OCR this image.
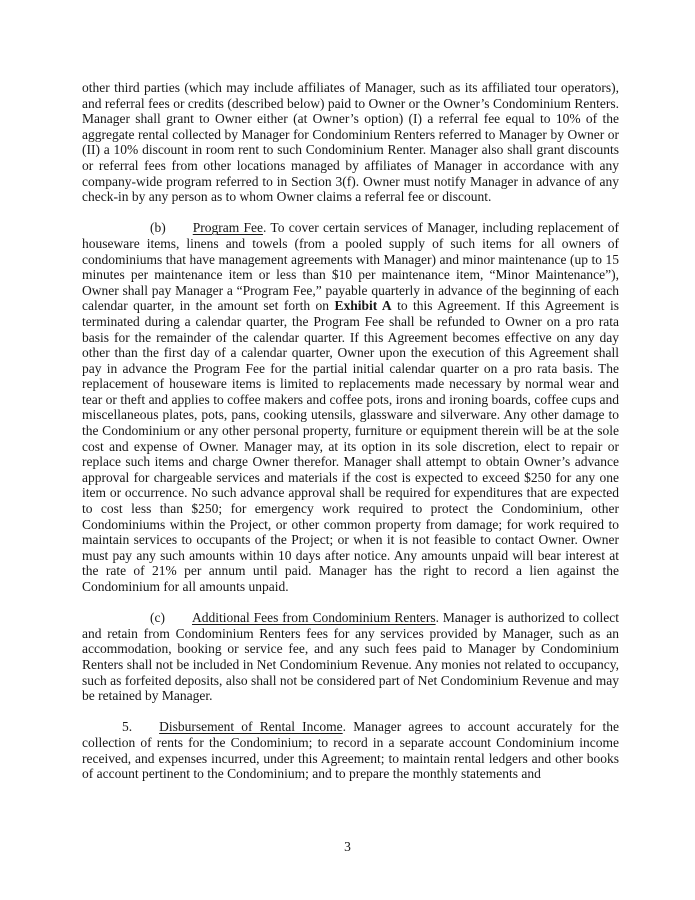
other third parties (which may include affiliates of Manager, such as its affiliated tour operators), and referral fees or credits (described below) paid to Owner or the Owner’s Condominium Renters. Manager shall grant to Owner either (at Owner’s option) (I) a referral fee equal to 10% of the aggregate rental collected by Manager for Condominium Renters referred to Manager by Owner or (II) a 10% discount in room rent to such Condominium Renter. Manager also shall grant discounts or referral fees from other locations managed by affiliates of Manager in accordance with any company-wide program referred to in Section 3(f). Owner must notify Manager in advance of any check-in by any person as to whom Owner claims a referral fee or discount.

(b) Program Fee. To cover certain services of Manager, including replacement of houseware items, linens and towels (from a pooled supply of such items for all owners of condominiums that have management agreements with Manager) and minor maintenance (up to 15 minutes per maintenance item or less than $10 per maintenance item, “Minor Maintenance”), Owner shall pay Manager a “Program Fee,” payable quarterly in advance of the beginning of each calendar quarter, in the amount set forth on Exhibit A to this Agreement. If this Agreement is terminated during a calendar quarter, the Program Fee shall be refunded to Owner on a pro rata basis for the remainder of the calendar quarter. If this Agreement becomes effective on any day other than the first day of a calendar quarter, Owner upon the execution of this Agreement shall pay in advance the Program Fee for the partial initial calendar quarter on a pro rata basis. The replacement of houseware items is limited to replacements made necessary by normal wear and tear or theft and applies to coffee makers and coffee pots, irons and ironing boards, coffee cups and miscellaneous plates, pots, pans, cooking utensils, glassware and silverware. Any other damage to the Condominium or any other personal property, furniture or equipment therein will be at the sole cost and expense of Owner. Manager may, at its option in its sole discretion, elect to repair or replace such items and charge Owner therefor. Manager shall attempt to obtain Owner’s advance approval for chargeable services and materials if the cost is expected to exceed $250 for any one item or occurrence. No such advance approval shall be required for expenditures that are expected to cost less than $250; for emergency work required to protect the Condominium, other Condominiums within the Project, or other common property from damage; for work required to maintain services to occupants of the Project; or when it is not feasible to contact Owner. Owner must pay any such amounts within 10 days after notice. Any amounts unpaid will bear interest at the rate of 21% per annum until paid. Manager has the right to record a lien against the Condominium for all amounts unpaid.

(c) Additional Fees from Condominium Renters. Manager is authorized to collect and retain from Condominium Renters fees for any services provided by Manager, such as an accommodation, booking or service fee, and any such fees paid to Manager by Condominium Renters shall not be included in Net Condominium Revenue. Any monies not related to occupancy, such as forfeited deposits, also shall not be considered part of Net Condominium Revenue and may be retained by Manager.

5. Disbursement of Rental Income. Manager agrees to account accurately for the collection of rents for the Condominium; to record in a separate account Condominium income received, and expenses incurred, under this Agreement; to maintain rental ledgers and other books of account pertinent to the Condominium; and to prepare the monthly statements and

3
